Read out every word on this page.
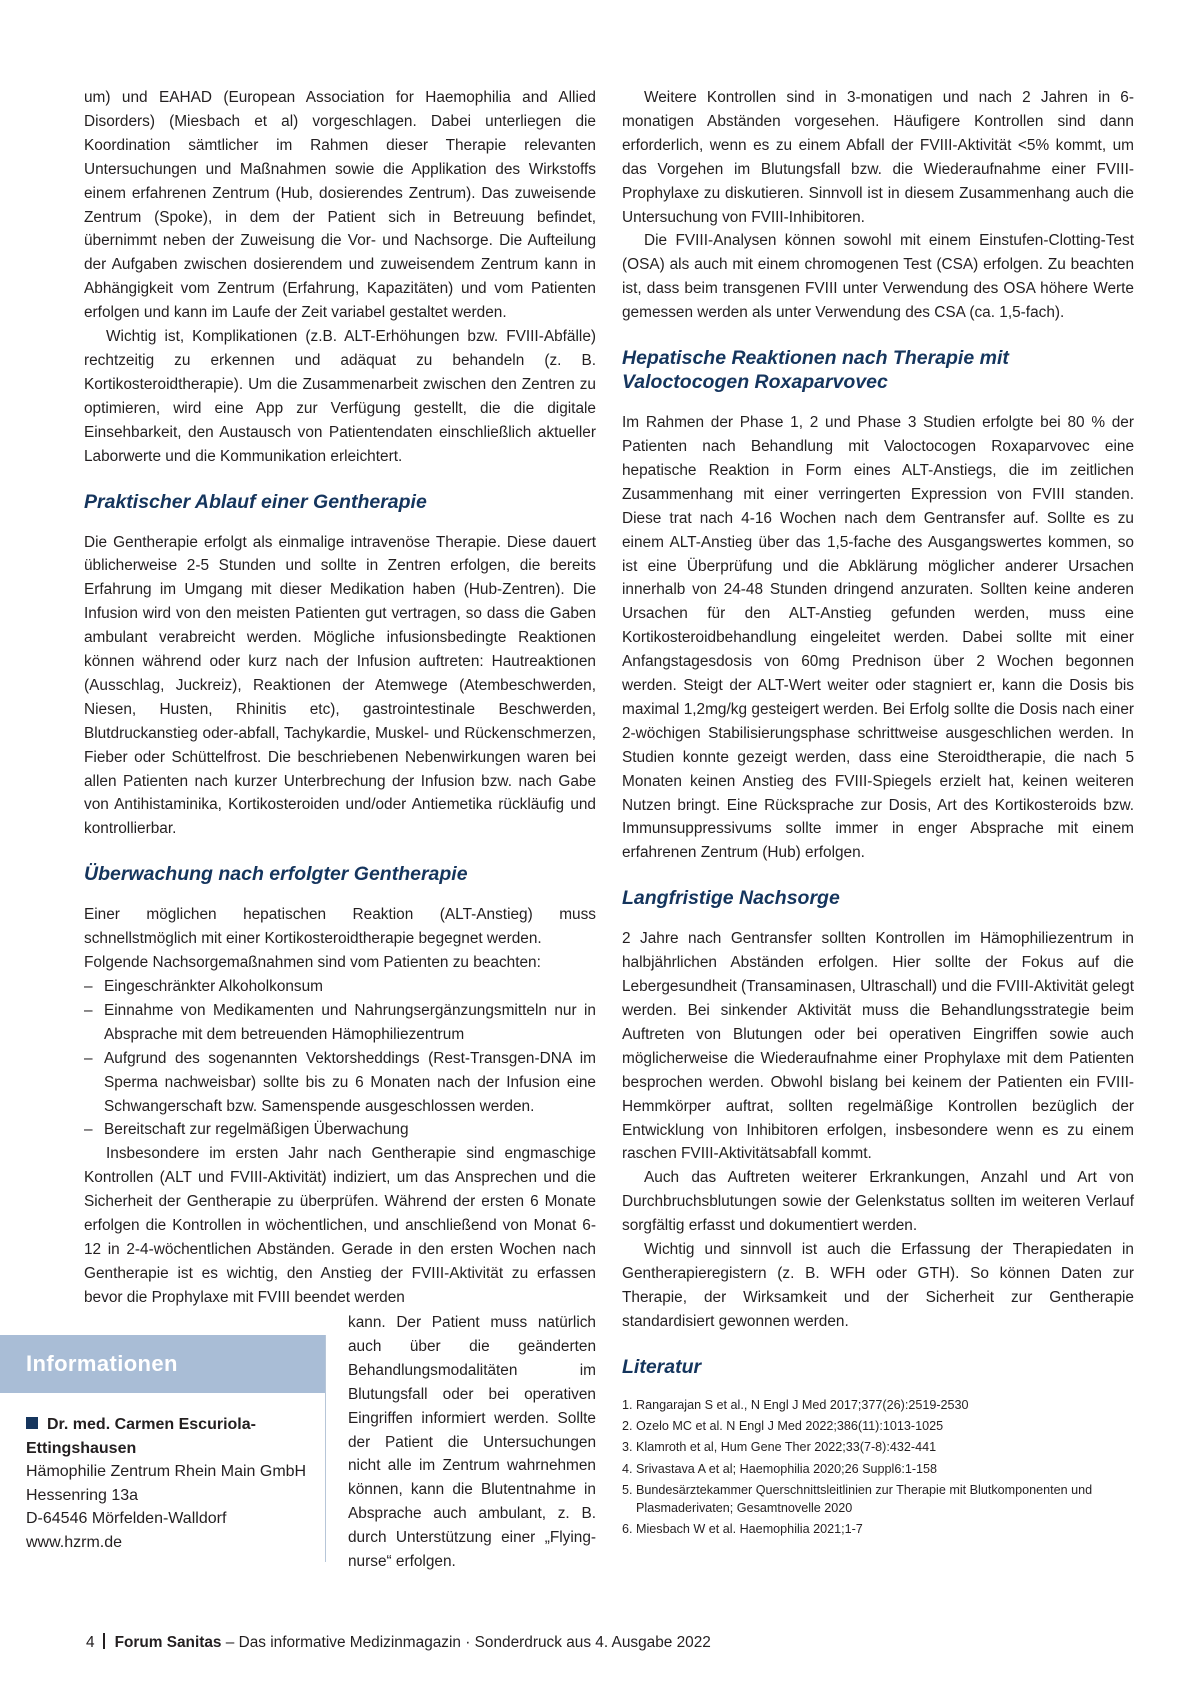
um) und EAHAD (European Association for Haemophilia and Allied Disorders) (Miesbach et al) vorgeschlagen. Dabei unterliegen die Koordination sämtlicher im Rahmen dieser Therapie relevanten Untersuchungen und Maßnahmen sowie die Applikation des Wirkstoffs einem erfahrenen Zentrum (Hub, dosierendes Zentrum). Das zuweisende Zentrum (Spoke), in dem der Patient sich in Betreuung befindet, übernimmt neben der Zuweisung die Vor- und Nachsorge. Die Aufteilung der Aufgaben zwischen dosierendem und zuweisendem Zentrum kann in Abhängigkeit vom Zentrum (Erfahrung, Kapazitäten) und vom Patienten erfolgen und kann im Laufe der Zeit variabel gestaltet werden.

Wichtig ist, Komplikationen (z.B. ALT-Erhöhungen bzw. FVIII-Abfälle) rechtzeitig zu erkennen und adäquat zu behandeln (z. B. Kortikosteroidtherapie). Um die Zusammenarbeit zwischen den Zentren zu optimieren, wird eine App zur Verfügung gestellt, die die digitale Einsehbarkeit, den Austausch von Patientendaten einschließlich aktueller Laborwerte und die Kommunikation erleichtert.

Praktischer Ablauf einer Gentherapie

Die Gentherapie erfolgt als einmalige intravenöse Therapie. Diese dauert üblicherweise 2-5 Stunden und sollte in Zentren erfolgen, die bereits Erfahrung im Umgang mit dieser Medikation haben (Hub-Zentren). Die Infusion wird von den meisten Patienten gut vertragen, so dass die Gaben ambulant verabreicht werden. Mögliche infusionsbedingte Reaktionen können während oder kurz nach der Infusion auftreten: Hautreaktionen (Ausschlag, Juckreiz), Reaktionen der Atemwege (Atembeschwerden, Niesen, Husten, Rhinitis etc), gastrointestinale Beschwerden, Blutdruckanstieg oder-abfall, Tachykardie, Muskel- und Rückenschmerzen, Fieber oder Schüttelfrost. Die beschriebenen Nebenwirkungen waren bei allen Patienten nach kurzer Unterbrechung der Infusion bzw. nach Gabe von Antihistaminika, Kortikosteroiden und/oder Antiemetika rückläufig und kontrollierbar.

Überwachung nach erfolgter Gentherapie

Einer möglichen hepatischen Reaktion (ALT-Anstieg) muss schnellstmöglich mit einer Kortikosteroidtherapie begegnet werden.

Folgende Nachsorgemaßnahmen sind vom Patienten zu beachten:

– Eingeschränkter Alkoholkonsum
– Einnahme von Medikamenten und Nahrungsergänzungsmitteln nur in Absprache mit dem betreuenden Hämophiliezentrum
– Aufgrund des sogenannten Vektorsheddings (Rest-Transgen-DNA im Sperma nachweisbar) sollte bis zu 6 Monaten nach der Infusion eine Schwangerschaft bzw. Samenspende ausgeschlossen werden.
– Bereitschaft zur regelmäßigen Überwachung

Insbesondere im ersten Jahr nach Gentherapie sind engmaschige Kontrollen (ALT und FVIII-Aktivität) indiziert, um das Ansprechen und die Sicherheit der Gentherapie zu überprüfen. Während der ersten 6 Monate erfolgen die Kontrollen in wöchentlichen, und anschließend von Monat 6-12 in 2-4-wöchentlichen Abständen. Gerade in den ersten Wochen nach Gentherapie ist es wichtig, den Anstieg der FVIII-Aktivität zu erfassen bevor die Prophylaxe mit FVIII beendet werden

kann. Der Patient muss natürlich auch über die geänderten Behandlungsmodalitäten im Blutungsfall oder bei operativen Eingriffen informiert werden. Sollte der Patient die Untersuchungen nicht alle im Zentrum wahrnehmen können, kann die Blutentnahme in Absprache auch ambulant, z. B. durch Unterstützung einer „Flying-nurse“ erfolgen.

Informationen
Dr. med. Carmen Escuriola-
Ettingshausen
Hämophilie Zentrum Rhein Main GmbH
Hessenring 13a
D-64546 Mörfelden-Walldorf
www.hzrm.de

Weitere Kontrollen sind in 3-monatigen und nach 2 Jahren in 6-monatigen Abständen vorgesehen. Häufigere Kontrollen sind dann erforderlich, wenn es zu einem Abfall der FVIII-Aktivität <5% kommt, um das Vorgehen im Blutungsfall bzw. die Wiederaufnahme einer FVIII-Prophylaxe zu diskutieren. Sinnvoll ist in diesem Zusammenhang auch die Untersuchung von FVIII-Inhibitoren.

Die FVIII-Analysen können sowohl mit einem Einstufen-Clotting-Test (OSA) als auch mit einem chromogenen Test (CSA) erfolgen. Zu beachten ist, dass beim transgenen FVIII unter Verwendung des OSA höhere Werte gemessen werden als unter Verwendung des CSA (ca. 1,5-fach).

Hepatische Reaktionen nach Therapie mit Valoctocogen Roxaparvovec

Im Rahmen der Phase 1, 2 und Phase 3 Studien erfolgte bei 80 % der Patienten nach Behandlung mit Valoctocogen Roxaparvovec eine hepatische Reaktion in Form eines ALT-Anstiegs, die im zeitlichen Zusammenhang mit einer verringerten Expression von FVIII standen. Diese trat nach 4-16 Wochen nach dem Gentransfer auf. Sollte es zu einem ALT-Anstieg über das 1,5-fache des Ausgangswertes kommen, so ist eine Überprüfung und die Abklärung möglicher anderer Ursachen innerhalb von 24-48 Stunden dringend anzuraten. Sollten keine anderen Ursachen für den ALT-Anstieg gefunden werden, muss eine Kortikosteroidbehandlung eingeleitet werden. Dabei sollte mit einer Anfangstagesdosis von 60mg Prednison über 2 Wochen begonnen werden. Steigt der ALT-Wert weiter oder stagniert er, kann die Dosis bis maximal 1,2mg/kg gesteigert werden. Bei Erfolg sollte die Dosis nach einer 2-wöchigen Stabilisierungsphase schrittweise ausgeschlichen werden. In Studien konnte gezeigt werden, dass eine Steroidtherapie, die nach 5 Monaten keinen Anstieg des FVIII-Spiegels erzielt hat, keinen weiteren Nutzen bringt. Eine Rücksprache zur Dosis, Art des Kortikosteroids bzw. Immunsuppressivums sollte immer in enger Absprache mit einem erfahrenen Zentrum (Hub) erfolgen.

Langfristige Nachsorge

2 Jahre nach Gentransfer sollten Kontrollen im Hämophiliezentrum in halbjährlichen Abständen erfolgen. Hier sollte der Fokus auf die Lebergesundheit (Transaminasen, Ultraschall) und die FVIII-Aktivität gelegt werden. Bei sinkender Aktivität muss die Behandlungsstrategie beim Auftreten von Blutungen oder bei operativen Eingriffen sowie auch möglicherweise die Wiederaufnahme einer Prophylaxe mit dem Patienten besprochen werden. Obwohl bislang bei keinem der Patienten ein FVIII-Hemmkörper auftrat, sollten regelmäßige Kontrollen bezüglich der Entwicklung von Inhibitoren erfolgen, insbesondere wenn es zu einem raschen FVIII-Aktivitätsabfall kommt.

Auch das Auftreten weiterer Erkrankungen, Anzahl und Art von Durchbruchsblutungen sowie der Gelenkstatus sollten im weiteren Verlauf sorgfältig erfasst und dokumentiert werden.

Wichtig und sinnvoll ist auch die Erfassung der Therapiedaten in Gentherapieregistern (z. B. WFH oder GTH). So können Daten zur Therapie, der Wirksamkeit und der Sicherheit zur Gentherapie standardisiert gewonnen werden.

Literatur
1. Rangarajan S et al., N Engl J Med 2017;377(26):2519-2530
2. Ozelo MC et al. N Engl J Med 2022;386(11):1013-1025
3. Klamroth et al, Hum Gene Ther 2022;33(7-8):432-441
4. Srivastava A et al; Haemophilia 2020;26 Suppl6:1-158
5. Bundesärztekammer Querschnittsleitlinien zur Therapie mit Blutkomponenten und Plasmaderivaten; Gesamtnovelle 2020
6. Miesbach W et al. Haemophilia 2021;1-7
4 Forum Sanitas – Das informative Medizinmagazin · Sonderdruck aus 4. Ausgabe 2022
